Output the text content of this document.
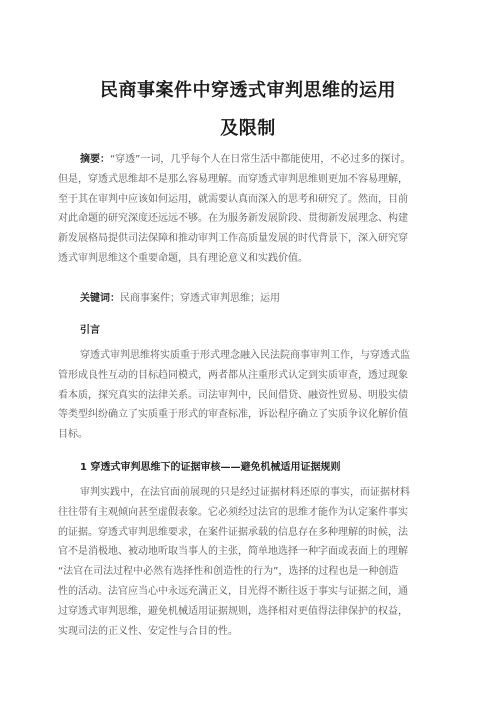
民商事案件中穿透式审判思维的运用
及限制
摘要：“穿透”一词，几乎每个人在日常生活中都能使用，不必过多的探讨。
但是，穿透式思维却不是那么容易理解。而穿透式审判思维则更加不容易理解，
至于其在审判中应该如何运用，就需要认真而深入的思考和研究了。然而，目前
对此命题的研究深度还远远不够。在为服务新发展阶段、贯彻新发展理念、构建
新发展格局提供司法保障和推动审判工作高质量发展的时代背景下，深入研究穿
透式审判思维这个重要命题，具有理论意义和实践价值。
关键词：民商事案件；穿透式审判思维；运用
引言
穿透式审判思维将实质重于形式理念融入民法院商事审判工作，与穿透式监
管形成良性互动的目标趋同模式，两者都从注重形式认定到实质审查，透过现象
看本质，探究真实的法律关系。司法审判中，民间借贷、融资性贸易、明股实债
等类型纠纷确立了实质重于形式的审查标准，诉讼程序确立了实质争议化解价值
目标。
1 穿透式审判思维下的证据审核——避免机械适用证据规则
审判实践中，在法官面前展现的只是经过证据材料还原的事实，而证据材料
往往带有主观倾向甚至虚假表象。它必须经过法官的思维才能作为认定案件事实
的证据。穿透式审判思维要求，在案件证据承载的信息存在多种理解的时候，法
官不是消极地、被动地听取当事人的主张，简单地选择一种字面或表面上的理解
“法官在司法过程中必然有选择性和创造性的行为”，选择的过程也是一种创造
性的活动。法官应当心中永远充满正义，目光得不断往返于事实与证据之间，通
过穿透式审判思维，避免机械适用证据规则，选择相对更值得法律保护的权益，
实现司法的正义性、安定性与合目的性。
